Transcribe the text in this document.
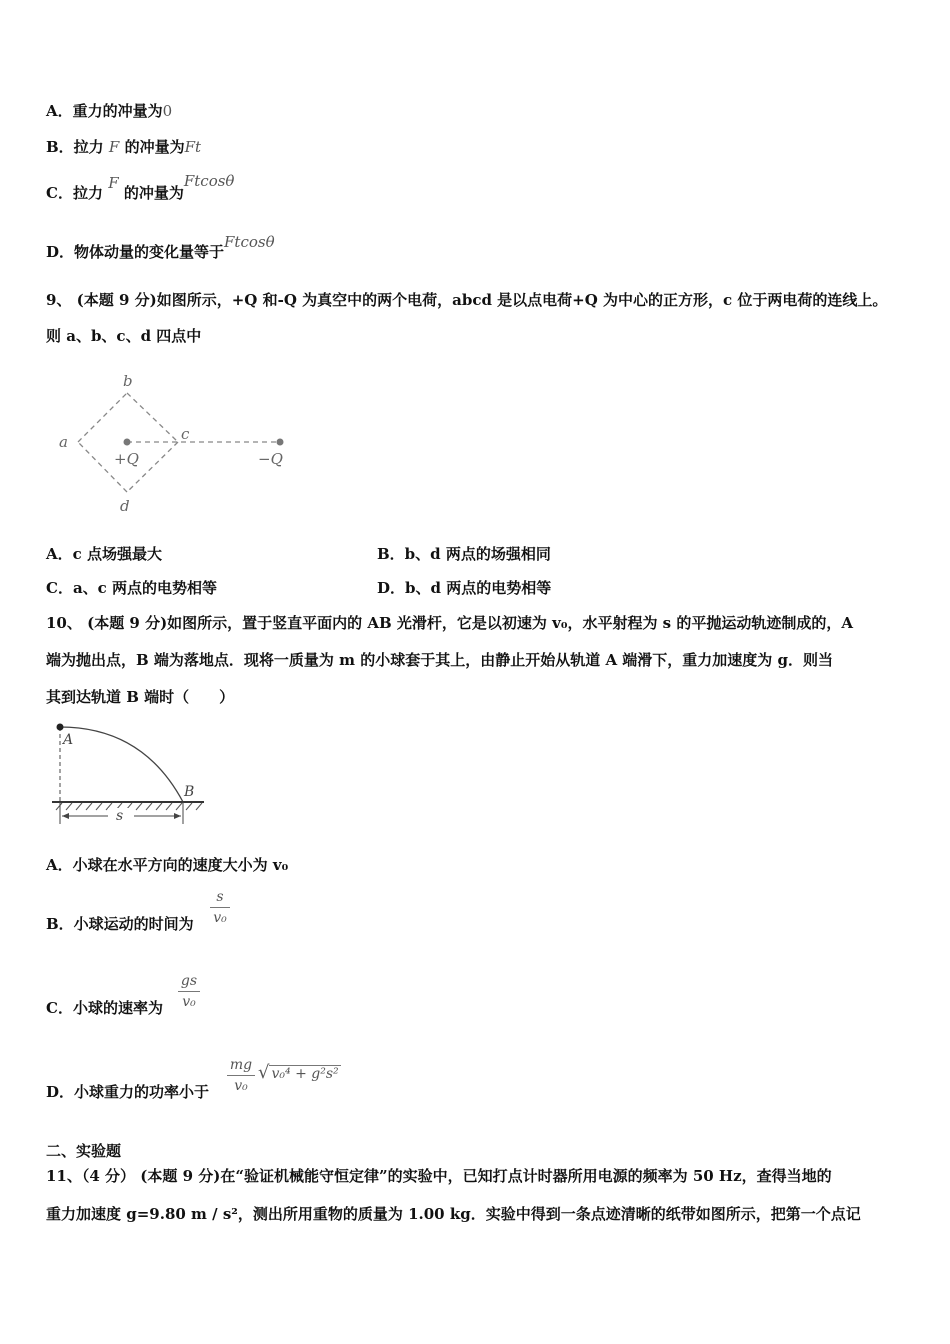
A．重力的冲量为0
B．拉力 F 的冲量为Ft
C．拉力 F 的冲量为Ftcosθ
D．物体动量的变化量等于Ftcosθ
9、 (本题 9 分)如图所示，+Q 和-Q 为真空中的两个电荷，abcd 是以点电荷+Q 为中心的正方形，c 位于两电荷的连线上。
则 a、b、c、d 四点中
a
b
c
d
+Q	−Q
A．c 点场强最大	B．b、d 两点的场强相同
C．a、c 两点的电势相等	D．b、d 两点的电势相等
10、 (本题 9 分)如图所示，置于竖直平面内的 AB 光滑杆，它是以初速为 v₀，水平射程为 s 的平抛运动轨迹制成的，A
端为抛出点，B 端为落地点．现将一质量为 m 的小球套于其上，由静止开始从轨道 A 端滑下，重力加速度为 g．则当
其到达轨道 B 端时（　　）
A
B
s
A．小球在水平方向的速度大小为 v₀
B．小球运动的时间为
s
v₀
C．小球的速率为
gs
v₀
D．小球重力的功率小于
mg
v₀
√ v₀⁴ + g²s²
二、实验题
11、（4 分） (本题 9 分)在“验证机械能守恒定律”的实验中，已知打点计时器所用电源的频率为 50 Hz，查得当地的
重力加速度 g=9.80 m / s²，测出所用重物的质量为 1.00 kg．实验中得到一条点迹清晰的纸带如图所示，把第一个点记
